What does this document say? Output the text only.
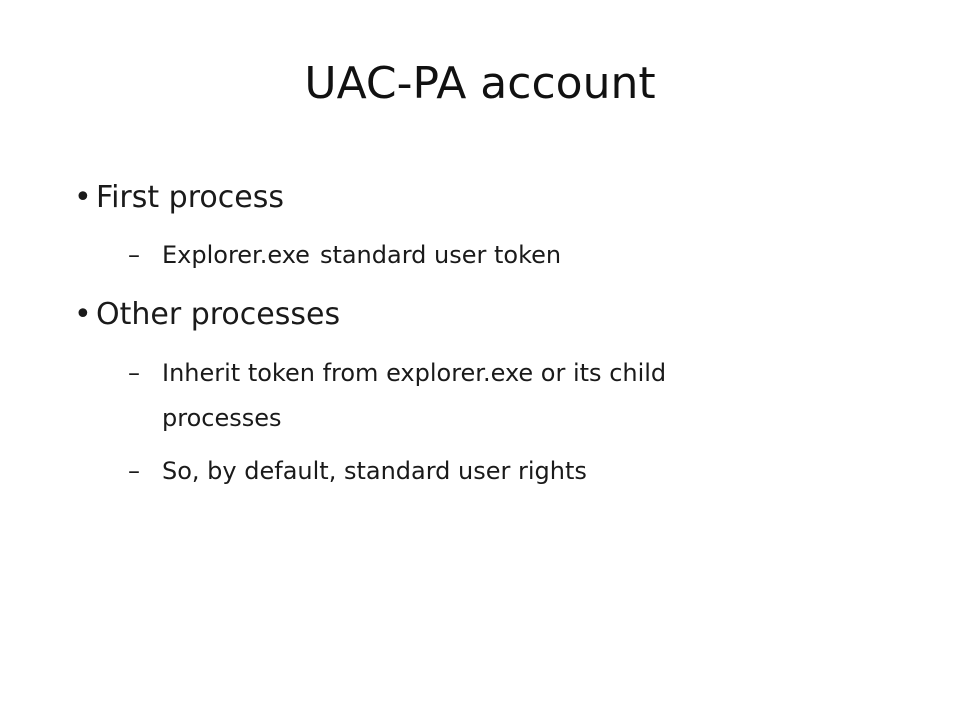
UAC-PA account
• First process
– Explorer.exe standard user token
• Other processes
– Inherit token from explorer.exe or its child
processes
– So, by default, standard user rights
